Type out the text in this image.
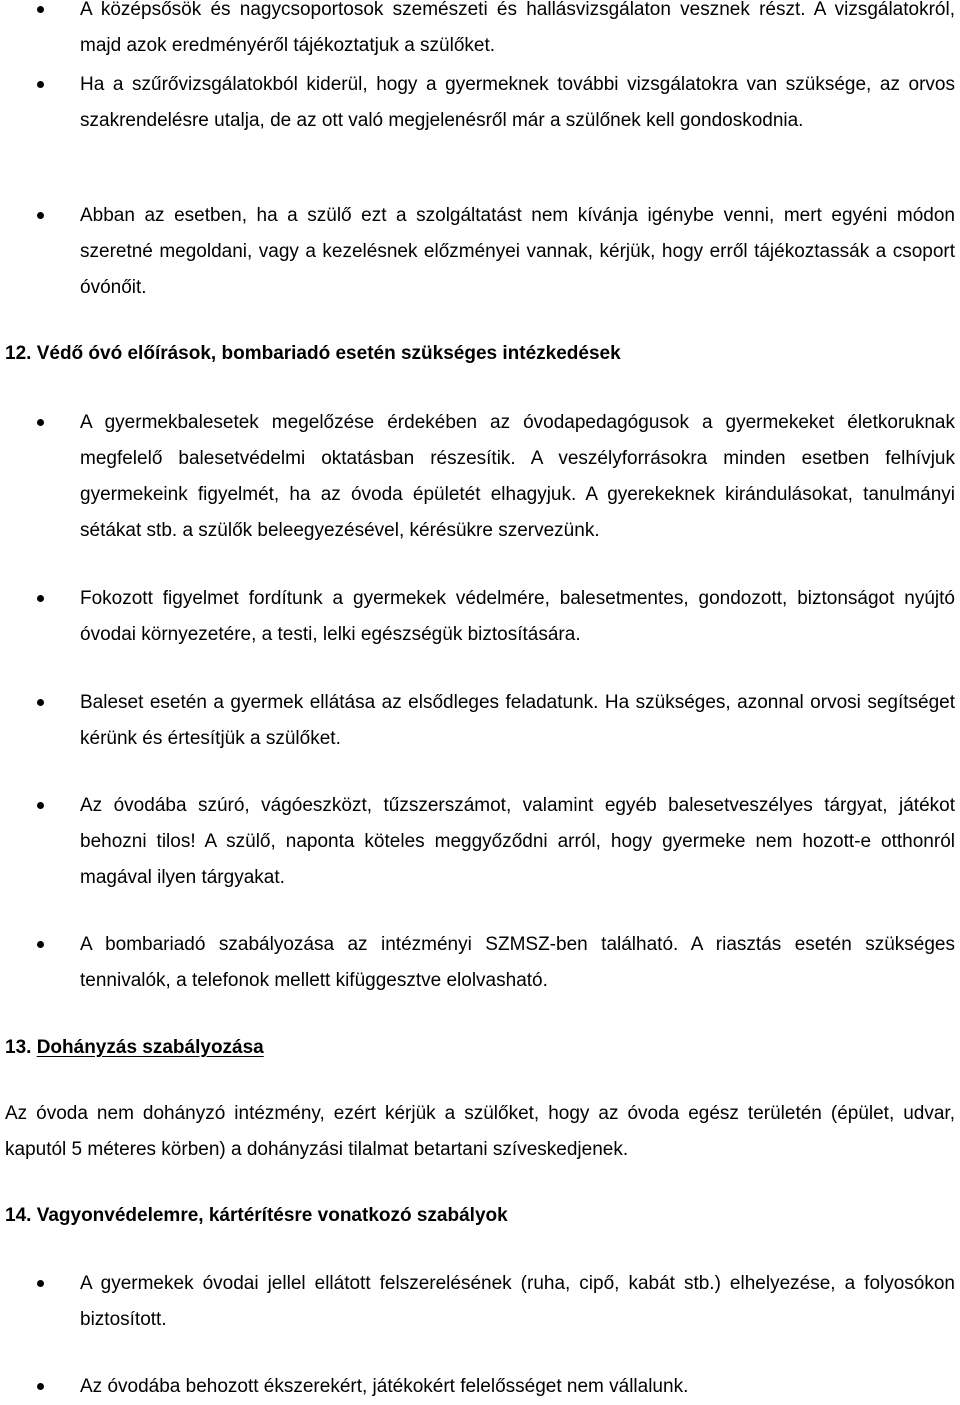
A középsősök és nagycsoportosok szemészeti és hallásvizsgálaton vesznek részt. A vizsgálatokról, majd azok eredményéről tájékoztatjuk a szülőket.

Ha a szűrővizsgálatokból kiderül, hogy a gyermeknek további vizsgálatokra van szüksége, az orvos szakrendelésre utalja, de az ott való megjelenésről már a szülőnek kell gondoskodnia.

Abban az esetben, ha a szülő ezt a szolgáltatást nem kívánja igénybe venni, mert egyéni módon szeretné megoldani, vagy a kezelésnek előzményei vannak, kérjük, hogy erről tájékoztassák a csoport óvónőit.

12. Védő óvó előírások, bombariadó esetén szükséges intézkedések

A gyermekbalesetek megelőzése érdekében az óvodapedagógusok a gyermekeket életkoruknak megfelelő balesetvédelmi oktatásban részesítik. A veszélyforrásokra minden esetben felhívjuk gyermekeink figyelmét, ha az óvoda épületét elhagyjuk. A gyerekeknek kirándulásokat, tanulmányi sétákat stb. a szülők beleegyezésével, kérésükre szervezünk.

Fokozott figyelmet fordítunk a gyermekek védelmére, balesetmentes, gondozott, biztonságot nyújtó óvodai környezetére, a testi, lelki egészségük biztosítására.

Baleset esetén a gyermek ellátása az elsődleges feladatunk. Ha szükséges, azonnal orvosi segítséget kérünk és értesítjük a szülőket.

Az óvodába szúró, vágóeszközt, tűzszerszámot, valamint egyéb balesetveszélyes tárgyat, játékot behozni tilos! A szülő, naponta köteles meggyőződni arról, hogy gyermeke nem hozott-e otthonról magával ilyen tárgyakat.

A bombariadó szabályozása az intézményi SZMSZ-ben található. A riasztás esetén szükséges tennivalók, a telefonok mellett kifüggesztve elolvasható.

13. Dohányzás szabályozása

Az óvoda nem dohányzó intézmény, ezért kérjük a szülőket, hogy az óvoda egész területén (épület, udvar, kaputól 5 méteres körben) a dohányzási tilalmat betartani szíveskedjenek.

14. Vagyonvédelemre, kártérítésre vonatkozó szabályok

A gyermekek óvodai jellel ellátott felszerelésének (ruha, cipő, kabát stb.) elhelyezése, a folyosókon biztosított.

Az óvodába behozott ékszerekért, játékokért felelősséget nem vállalunk.
